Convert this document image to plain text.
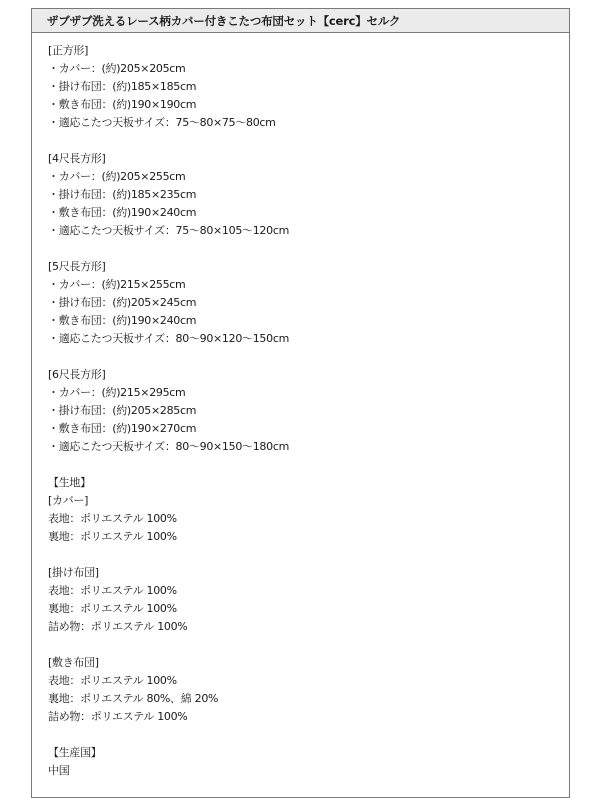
ザブザブ洗えるレース柄カバー付きこたつ布団セット【cerc】セルク
[正方形]
・カバー：(約)205×205cm
・掛け布団：(約)185×185cm
・敷き布団：(約)190×190cm
・適応こたつ天板サイズ：75～80×75～80cm
[4尺長方形]
・カバー：(約)205×255cm
・掛け布団：(約)185×235cm
・敷き布団：(約)190×240cm
・適応こたつ天板サイズ：75～80×105～120cm
[5尺長方形]
・カバー：(約)215×255cm
・掛け布団：(約)205×245cm
・敷き布団：(約)190×240cm
・適応こたつ天板サイズ：80～90×120～150cm
[6尺長方形]
・カバー：(約)215×295cm
・掛け布団：(約)205×285cm
・敷き布団：(約)190×270cm
・適応こたつ天板サイズ：80～90×150～180cm
【生地】
[カバー]
表地：ポリエステル 100%
裏地：ポリエステル 100%
[掛け布団]
表地：ポリエステル 100%
裏地：ポリエステル 100%
詰め物：ポリエステル 100%
[敷き布団]
表地：ポリエステル 100%
裏地：ポリエステル 80%、綿 20%
詰め物：ポリエステル 100%
【生産国】
中国
